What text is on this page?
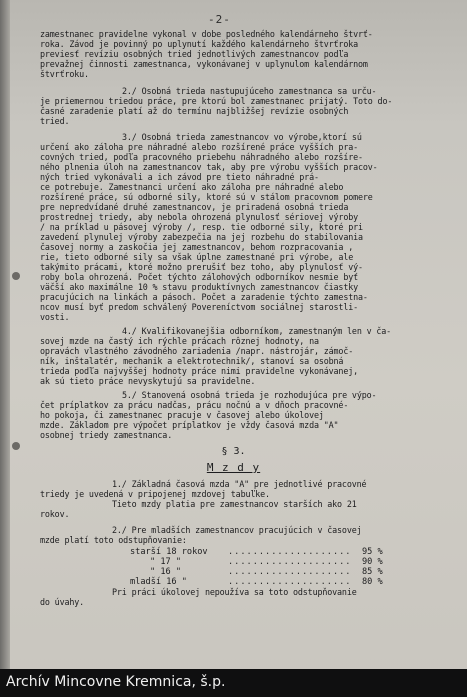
-2-
zamestnanec pravidelne vykonal v dobe posledného kalendárneho štvrť-
roka. Závod je povinný po uplynutí každého kalendárneho štvrťroka
previesť revíziu osobných tried jednotlivých zamestnancov podľa
prevažnej činnosti zamestnanca, vykonávanej v uplynulom kalendárnom
štvrťroku.
2./ Osobná trieda nastupujúceho zamestnanca sa urču-
je priemernou triedou práce, pre ktorú bol zamestnanec prijatý. Toto do-
časné zaradenie platí až do termínu najbližšej revízie osobných
tried.
3./ Osobná trieda zamestnancov vo výrobe,ktorí sú
určení ako záloha pre náhradné alebo rozšírené práce vyšších pra-
covných tried, podľa pracovného priebehu náhradného alebo rozšíre-
ného plnenia úloh na zamestnancov tak, aby pre výrobu vyšších pracov-
ných tried vykonávali a ich závod pre tieto náhradné prá-
ce potrebuje. Zamestnanci určení ako záloha pre náhradné alebo
rozšírené práce, sú odborné sily, ktoré sú v stálom pracovnom pomere
pre nepredvídané druhé zamestnancov, je priradená osobná trieda
prostrednej triedy, aby nebola ohrozená plynulosť sériovej výroby
/ na príklad u pásovej výroby /, resp. tie odborné sily, ktoré pri
zavedení plynulej výroby zabezpečia na jej rozbehu do stabilovania
časovej normy a zaskočia jej zamestnancov, behom rozpracovania ,
rie, tieto odborné sily sa však úplne zamestnané pri výrobe, ale
takýmito prácami, ktoré možno prerušiť bez toho, aby plynulosť vý-
roby bola ohrozená. Počet týchto zálohových odborníkov nesmie byť
väčší ako maximálne 10 % stavu produktívnych zamestnancov čiastky
pracujúcich na linkách a pásoch. Počet a zaradenie týchto zamestna-
ncov musí byť predom schválený Povereníctvom sociálnej starostli-
vosti.
4./ Kvalifikovanejšia odborníkom, zamestnaným len v ča-
sovej mzde na častý ich rýchle prácach rôznej hodnoty, na
opravách vlastného závodného zariadenia /napr. nástrojár, zámoč-
ník, inštalatér, mechanik a elektrotechnik/, stanoví sa osobná
trieda podľa najvyššej hodnoty práce nimi pravidelne vykonávanej,
ak sú tieto práce nevyskytujú sa pravidelne.
5./ Stanovená osobná trieda je rozhodujúca pre výpo-
čet príplatkov za prácu nadčas, prácu nočnú a v dňoch pracovné-
ho pokoja, či zamestnanec pracuje v časovej alebo úkolovej
mzde. Základom pre výpočet príplatkov je vždy časová mzda "A"
osobnej triedy zamestnanca.
§ 3.
M z d y
1./ Základná časová mzda "A" pre jednotlivé pracovné
triedy je uvedená v pripojenej mzdovej tabuľke.
Tieto mzdy platia pre zamestnancov starších ako 21
rokov.
2./ Pre mladších zamestnancov pracujúcich v časovej
mzde platí toto odstupňovanie:
starší 18 rokov .................... 95 %
" 17 "	.................... 90 %
" 16 "	.................... 85 %
mladší 16 "	.................... 80 %
Pri práci úkolovej nepoužíva sa toto odstupňovanie
do úvahy.
Archív Mincovne Kremnica, š.p.
